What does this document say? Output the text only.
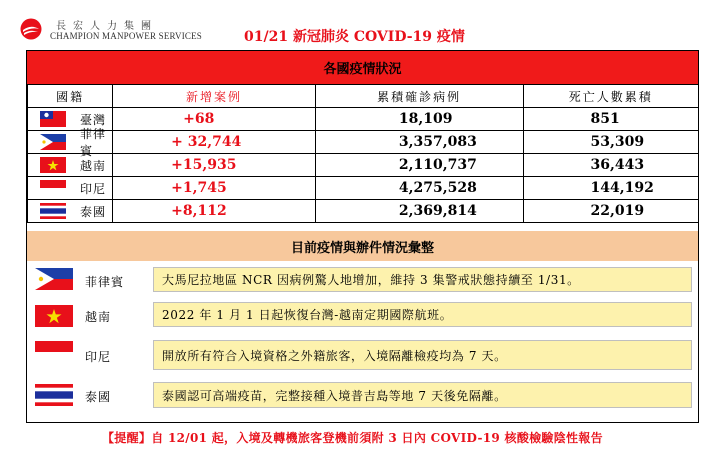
長宏人力集團
CHAMPION MANPOWER SERVICES	01/21 新冠肺炎 COVID-19 疫情
各國疫情狀況
國籍	新增案例	累積確診病例	死亡人數累積

臺灣	+68	18,109	851

菲律賓	+ 32,744	3,357,083	53,309

越南	+15,935	2,110,737	36,443

印尼	+1,745	4,275,528	144,192

泰國	+8,112	2,369,814	22,019
目前疫情與辦件情況彙整
菲律賓	大馬尼拉地區 NCR 因病例驚人地增加，維持 3 集警戒狀態持續至 1/31。
越南	2022 年 1 月 1 日起恢復台灣-越南定期國際航班。
印尼	開放所有符合入境資格之外籍旅客，入境隔離檢疫均為 7 天。
泰國	泰國認可高端疫苗，完整接種入境普吉島等地 7 天後免隔離。
【提醒】自 12/01 起，入境及轉機旅客登機前須附 3 日內 COVID-19 核酸檢驗陰性報告
